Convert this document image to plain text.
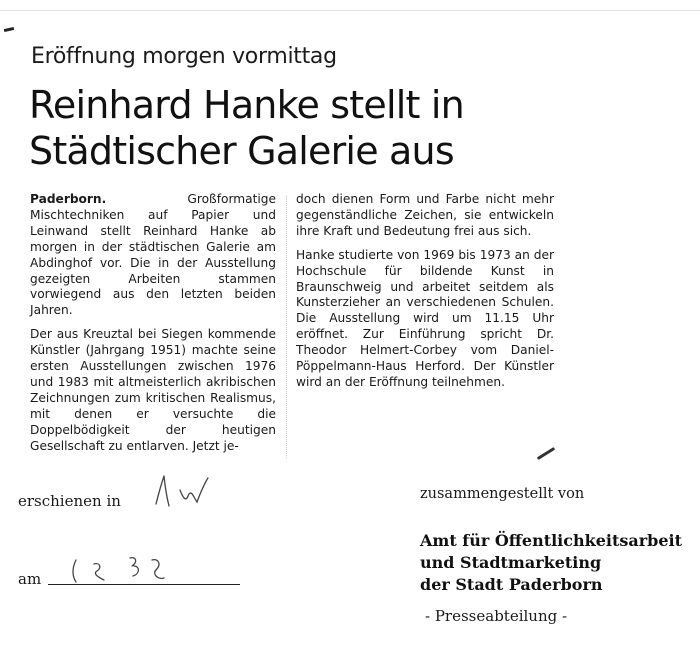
Eröffnung morgen vormittag
Reinhard Hanke stellt in
Städtischer Galerie aus

Paderborn.	Großformatige Mischtechniken auf Papier und Leinwand stellt Reinhard Hanke ab morgen in der städtischen Galerie am Abdinghof vor. Die in der Ausstellung gezeigten Arbeiten stammen vorwiegend aus den letzten beiden Jahren.

Der aus Kreuztal bei Siegen kommende Künstler (Jahrgang 1951) machte seine ersten Ausstellungen zwischen 1976 und 1983 mit altmeisterlich akribischen Zeichnungen zum kritischen Realismus, mit denen er versuchte die Doppelbödigkeit der heutigen Gesellschaft zu entlarven. Jetzt je-

doch dienen Form und Farbe nicht mehr gegenständliche Zeichen, sie entwickeln ihre Kraft und Bedeutung frei aus sich.

Hanke studierte von 1969 bis 1973 an der Hochschule für bildende Kunst in Braunschweig und arbeitet seitdem als Kunsterzieher an verschiedenen Schulen. Die Ausstellung wird um 11.15 Uhr eröffnet. Zur Einführung spricht Dr. Theodor Helmert-Corbey vom Daniel-Pöppelmann-Haus Herford. Der Künstler wird an der Eröffnung teilnehmen.

erschienen in
am
zusammengestellt von
Amt für Öffentlichkeitsarbeit
und Stadtmarketing
der Stadt Paderborn
- Presseabteilung -
